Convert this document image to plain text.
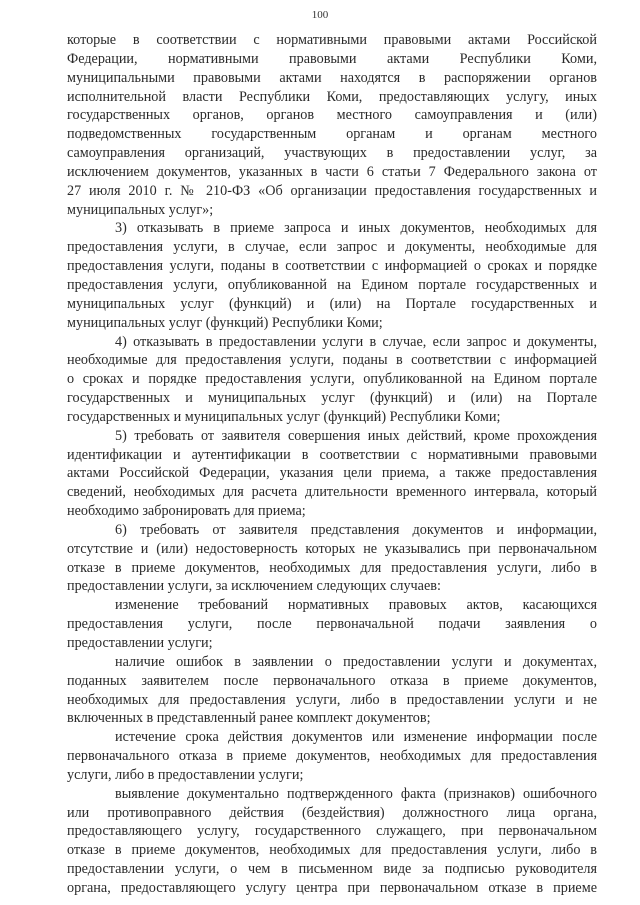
100
которые в соответствии с нормативными правовыми актами Российской
Федерации, нормативными правовыми актами Республики Коми,
муниципальными правовыми актами находятся в распоряжении органов
исполнительной власти Республики Коми, предоставляющих услугу, иных
государственных органов, органов местного самоуправления и (или)
подведомственных государственным органам и органам местного
самоуправления организаций, участвующих в предоставлении услуг, за
исключением документов, указанных в части 6 статьи 7 Федерального закона от
27 июля 2010 г. № 210-ФЗ «Об организации предоставления государственных и
муниципальных услуг»;
3) отказывать в приеме запроса и иных документов, необходимых для
предоставления услуги, в случае, если запрос и документы, необходимые для
предоставления услуги, поданы в соответствии с информацией о сроках и порядке
предоставления услуги, опубликованной на Едином портале государственных и
муниципальных услуг (функций) и (или) на Портале государственных и
муниципальных услуг (функций) Республики Коми;
4) отказывать в предоставлении услуги в случае, если запрос и документы,
необходимые для предоставления услуги, поданы в соответствии с информацией
о сроках и порядке предоставления услуги, опубликованной на Едином портале
государственных и муниципальных услуг (функций) и (или) на Портале
государственных и муниципальных услуг (функций) Республики Коми;
5) требовать от заявителя совершения иных действий, кроме прохождения
идентификации и аутентификации в соответствии с нормативными правовыми
актами Российской Федерации, указания цели приема, а также предоставления
сведений, необходимых для расчета длительности временного интервала, который
необходимо забронировать для приема;
6) требовать от заявителя представления документов и информации,
отсутствие и (или) недостоверность которых не указывались при первоначальном
отказе в приеме документов, необходимых для предоставления услуги, либо в
предоставлении услуги, за исключением следующих случаев:
изменение требований нормативных правовых актов, касающихся
предоставления услуги, после первоначальной подачи заявления о
предоставлении услуги;
наличие ошибок в заявлении о предоставлении услуги и документах,
поданных заявителем после первоначального отказа в приеме документов,
необходимых для предоставления услуги, либо в предоставлении услуги и не
включенных в представленный ранее комплект документов;
истечение срока действия документов или изменение информации после
первоначального отказа в приеме документов, необходимых для предоставления
услуги, либо в предоставлении услуги;
выявление документально подтвержденного факта (признаков) ошибочного
или противоправного действия (бездействия) должностного лица органа,
предоставляющего услугу, государственного служащего, при первоначальном
отказе в приеме документов, необходимых для предоставления услуги, либо в
предоставлении услуги, о чем в письменном виде за подписью руководителя
органа, предоставляющего услугу центра при первоначальном отказе в приеме
